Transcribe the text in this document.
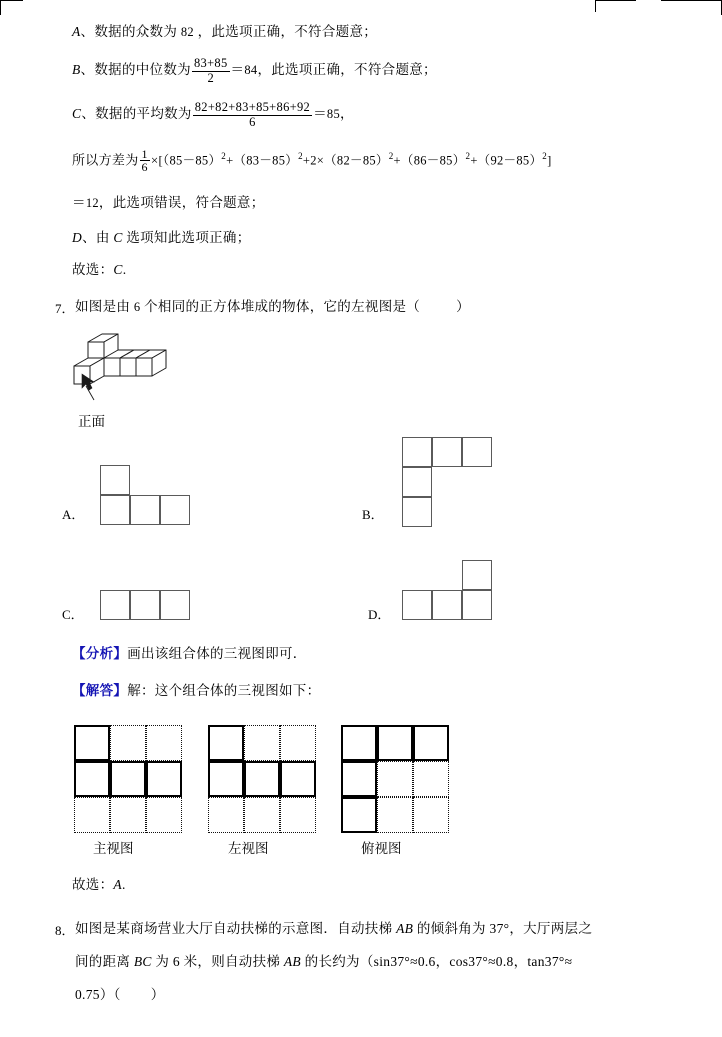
A、数据的众数为 82 ，此选项正确，不符合题意；
B、数据的中位数为 $\frac{83+85}{2} =84$，此选项正确，不符合题意；
C、数据的平均数为 $\frac{82+82+83+85+86+92}{6} =85$，
所以方差为 $\frac{1}{6} \times[(85-85)^2+(83-85)^2+2\times(82-85)^2+(86-85)^2+(92-85)^2]$
＝12，此选项错误，符合题意；
D、由 C 选项知此选项正确；
故选：C.
7． 如图是由 6 个相同的正方体堆成的物体，它的左视图是（	）
正面
A．	B．
C．	D．
【分析】画出该组合体的三视图即可．
【解答】解：这个组合体的三视图如下：
主视图	左视图	俯视图
故选：A.
8． 如图是某商场营业大厅自动扶梯的示意图．自动扶梯 AB 的倾斜角为 37°，大厅两层之
间的距离 BC 为 6 米，则自动扶梯 AB 的长约为（sin37°≈0.6，cos37°≈0.8，tan37°≈
0.75）（ ）
